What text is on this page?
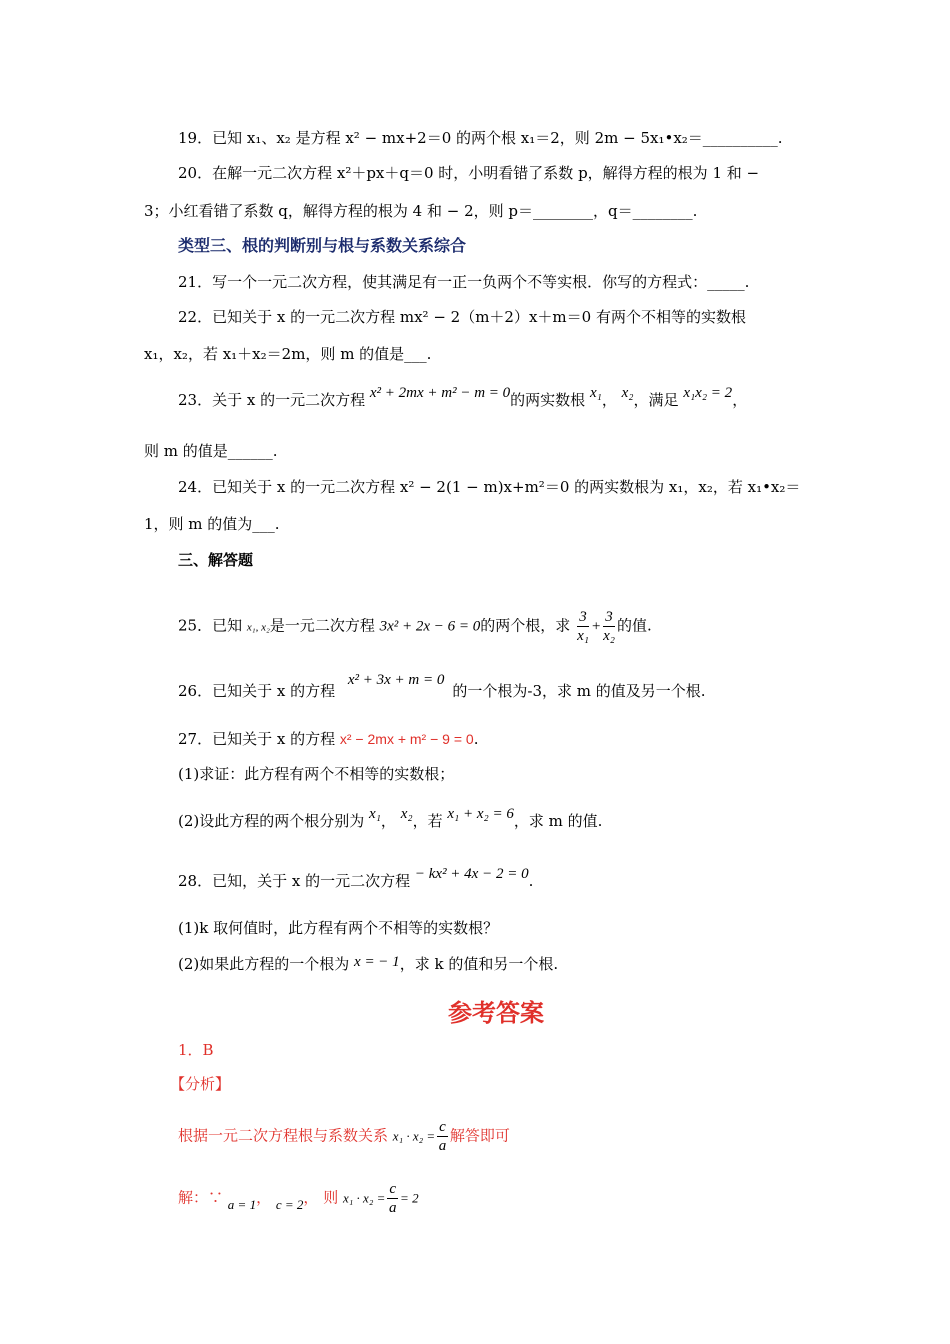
19．已知 x₁、x₂ 是方程 x² − mx+2＝0 的两个根 x₁＝2，则 2m − 5x₁•x₂＝__________.
20．在解一元二次方程 x²＋px＋q＝0 时，小明看错了系数 p，解得方程的根为 1 和 −
3；小红看错了系数 q，解得方程的根为 4 和 − 2，则 p＝________，q＝________.
类型三、根的判断别与根与系数关系综合
21．写一个一元二次方程，使其满足有一正一负两个不等实根．你写的方程式：_____.
22．已知关于 x 的一元二次方程 mx² − 2（m＋2）x＋m＝0 有两个不相等的实数根
x₁，x₂，若 x₁＋x₂＝2m，则 m 的值是___.
23．关于 x 的一元二次方程 x² + 2mx + m² − m = 0的两实数根 x₁， x₂，满足 x₁x₂ = 2，
则 m 的值是______.
24．已知关于 x 的一元二次方程 x² − 2(1 − m)x+m²＝0 的两实数根为 x₁，x₂，若 x₁•x₂＝
1，则 m 的值为___.
三、解答题
25．已知 x₁, x₂是一元二次方程 3x² + 2x − 6 = 0的两个根，求 $\frac{3}{\text{x₁}} + \frac{3}{\text{x₂}}$ 的值.
26．已知关于 x 的方程 x² + 3x + m = 0的一个根为-3，求 m 的值及另一个根.
27．已知关于 x 的方程 x² − 2mx + m² − 9 = 0.
(1)求证：此方程有两个不相等的实数根；
(2)设此方程的两个根分别为 x₁， x₂，若 x₁ + x₂ = 6，求 m 的值.
28．已知，关于 x 的一元二次方程 − kx² + 4x − 2 = 0.
(1)k 取何值时，此方程有两个不相等的实数根？
(2)如果此方程的一个根为 x = − 1，求 k 的值和另一个根.
参考答案
1．B
【分析】
根据一元二次方程根与系数关系 $x_1 \cdot x_2 = \frac{c}{a}$ 解答即可
解：∵ a = 1， c = 2， 则 $x_1 \cdot x_2 = \frac{c}{a} = 2$
